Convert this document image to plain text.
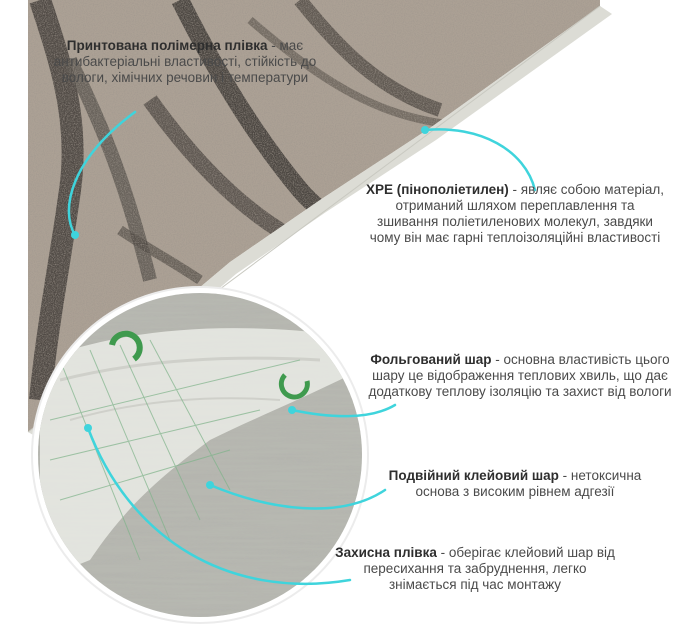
Принтована полімерна плівка - має антибактеріальні властивості, стійкість до вологи, хімічних речовин і температури
XPE (пінополіетилен) - являє собою матеріал, отриманий шляхом переплавлення та зшивання поліетиленових молекул, завдяки чому він має гарні теплоізоляційні властивості
Фольгований шар - основна властивість цього шару це відображення теплових хвиль, що дає додаткову теплову ізоляцію та захист від вологи
Подвійний клейовий шар - нетоксична основа з високим рівнем адгезії
Захисна плівка - оберігає клейовий шар від пересихання та забруднення, легко знімається під час монтажу
